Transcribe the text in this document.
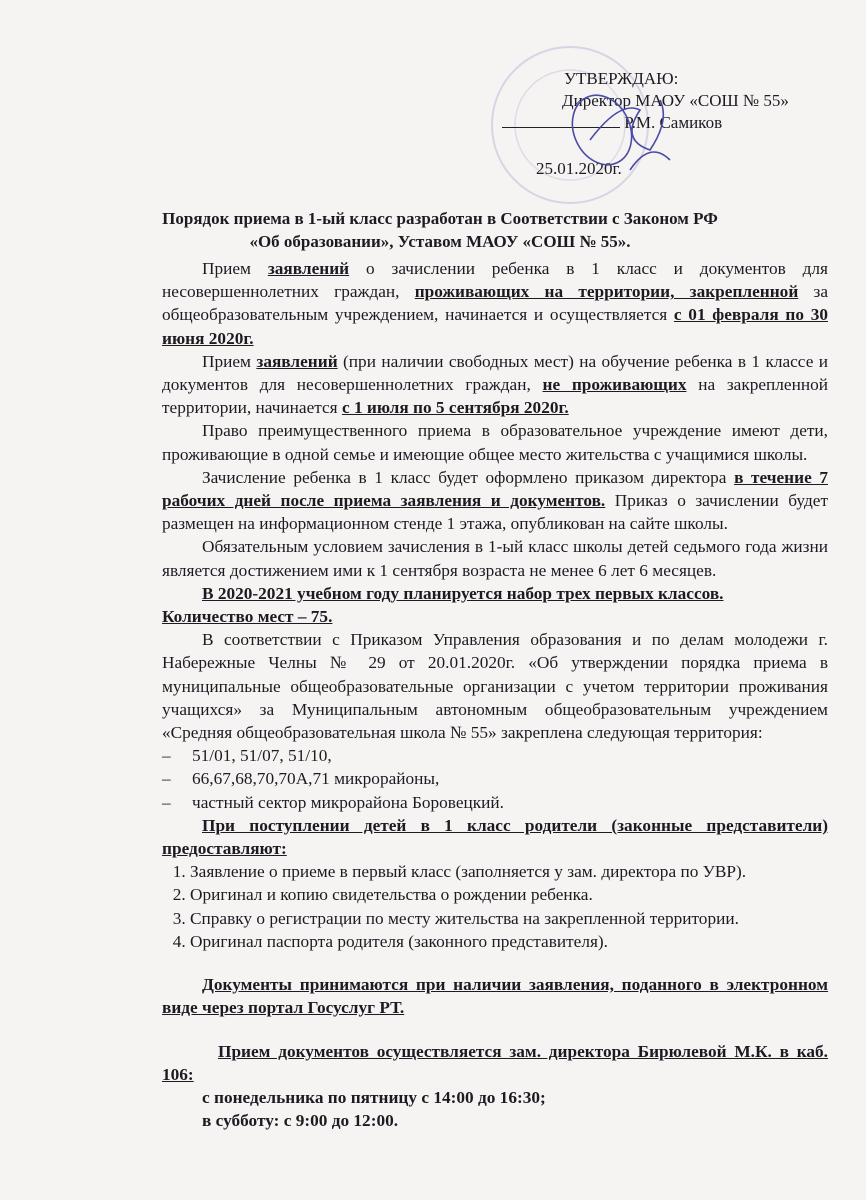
УТВЕРЖДАЮ:
Директор МАОУ «СОШ № 55»
Р.М. Самиков
25.01.2020г.
Порядок приема в 1-ый класс разработан в Соответствии с Законом РФ
«Об образовании», Уставом МАОУ «СОШ № 55».

Прием заявлений о зачислении ребенка в 1 класс и документов для несовершеннолетних граждан, проживающих на территории, закрепленной за общеобразовательным учреждением, начинается и осуществляется с 01 февраля по 30 июня 2020г.

Прием заявлений (при наличии свободных мест) на обучение ребенка в 1 классе и документов для несовершеннолетних граждан, не проживающих на закрепленной территории, начинается с 1 июля по 5 сентября 2020г.

Право преимущественного приема в образовательное учреждение имеют дети, проживающие в одной семье и имеющие общее место жительства с учащимися школы.

Зачисление ребенка в 1 класс будет оформлено приказом директора в течение 7 рабочих дней после приема заявления и документов. Приказ о зачислении будет размещен на информационном стенде 1 этажа, опубликован на сайте школы.

Обязательным условием зачисления в 1-ый класс школы детей седьмого года жизни является достижением ими к 1 сентября возраста не менее 6 лет 6 месяцев.

В 2020-2021 учебном году планируется набор трех первых классов.

Количество мест – 75.

В соответствии с Приказом Управления образования и по делам молодежи г. Набережные Челны № 29 от 20.01.2020г. «Об утверждении порядка приема в муниципальные общеобразовательные организации с учетом территории проживания учащихся» за Муниципальным автономным общеобразовательным учреждением «Средняя общеобразовательная школа № 55» закреплена следующая территория:

– 51/01, 51/07, 51/10,
– 66,67,68,70,70А,71 микрорайоны,
– частный сектор микрорайона Боровецкий.

При поступлении детей в 1 класс родители (законные представители) предоставляют:

1. Заявление о приеме в первый класс (заполняется у зам. директора по УВР).
2. Оригинал и копию свидетельства о рождении ребенка.
3. Справку о регистрации по месту жительства на закрепленной территории.
4. Оригинал паспорта родителя (законного представителя).

Документы принимаются при наличии заявления, поданного в электронном виде через портал Госуслуг РТ.

Прием документов осуществляется зам. директора Бирюлевой М.К. в каб. 106:

с понедельника по пятницу с 14:00 до 16:30;
в субботу: с 9:00 до 12:00.
